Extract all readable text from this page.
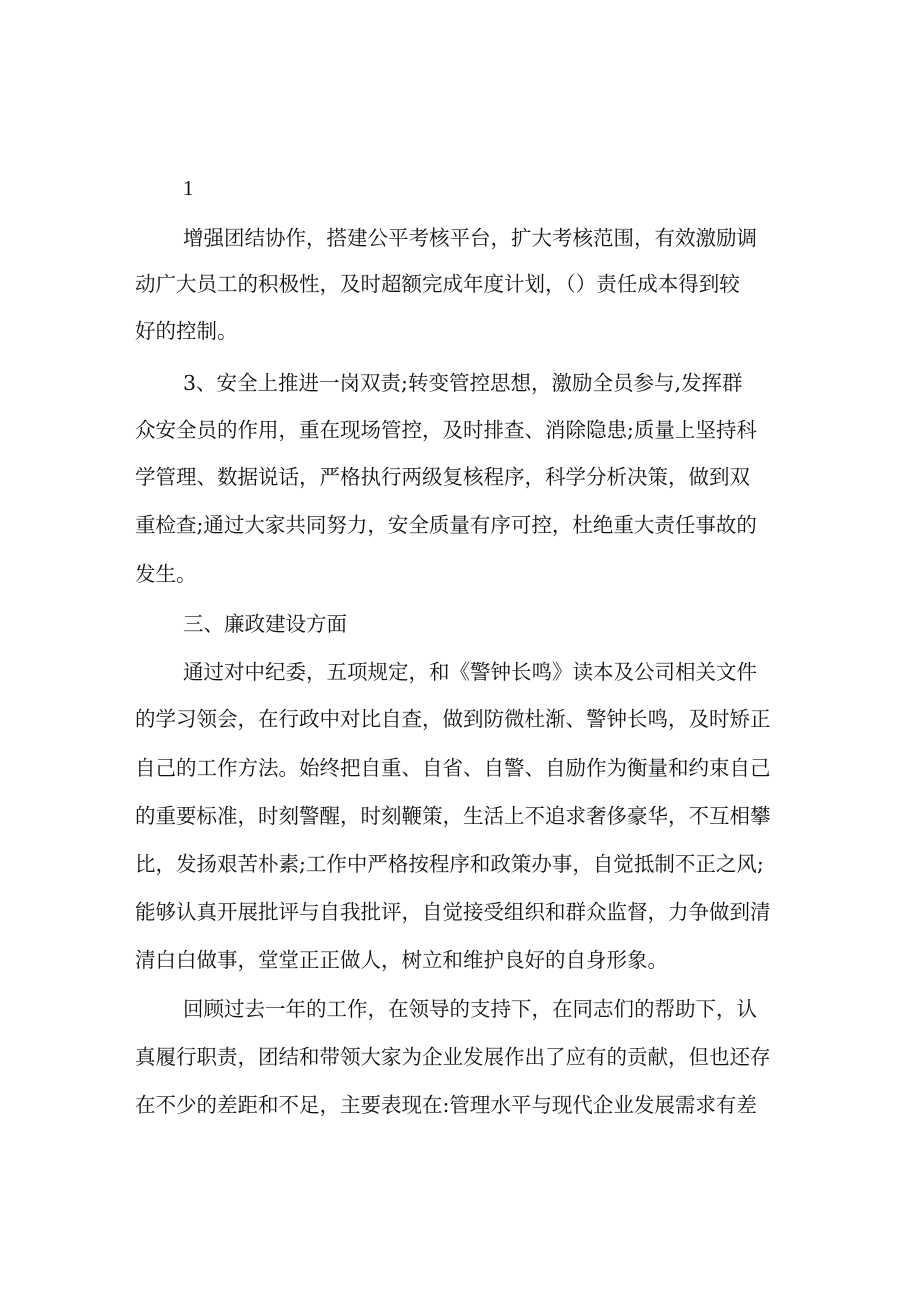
1

增强团结协作，搭建公平考核平台，扩大考核范围，有效激励调

动广大员工的积极性，及时超额完成年度计划，（）责任成本得到较

好的控制。

3、安全上推进一岗双责;转变管控思想，激励全员参与,发挥群

众安全员的作用，重在现场管控，及时排查、消除隐患;质量上坚持科

学管理、数据说话，严格执行两级复核程序，科学分析决策，做到双

重检查;通过大家共同努力，安全质量有序可控，杜绝重大责任事故的

发生。

三、廉政建设方面

通过对中纪委，五项规定，和《警钟长鸣》读本及公司相关文件

的学习领会，在行政中对比自查，做到防微杜渐、警钟长鸣，及时矫正

自己的工作方法。始终把自重、自省、自警、自励作为衡量和约束自己

的重要标准，时刻警醒，时刻鞭策，生活上不追求奢侈豪华，不互相攀

比，发扬艰苦朴素;工作中严格按程序和政策办事，自觉抵制不正之风;

能够认真开展批评与自我批评，自觉接受组织和群众监督，力争做到清

清白白做事，堂堂正正做人，树立和维护良好的自身形象。

回顾过去一年的工作，在领导的支持下，在同志们的帮助下，认

真履行职责，团结和带领大家为企业发展作出了应有的贡献，但也还存

在不少的差距和不足，主要表现在:管理水平与现代企业发展需求有差
